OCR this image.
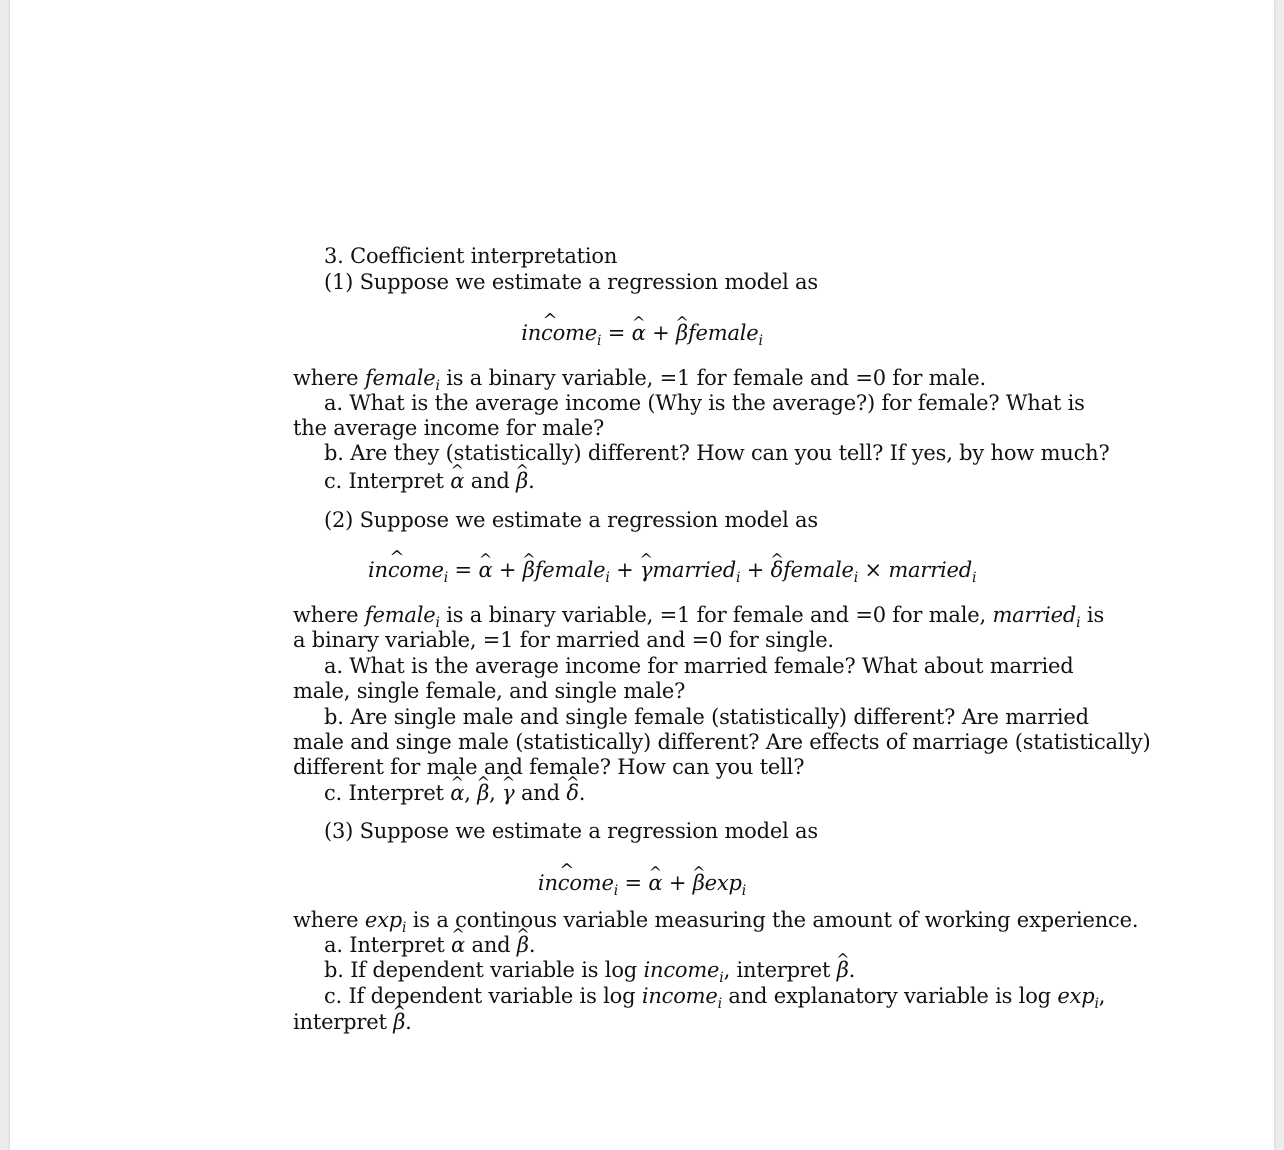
3. Coefficient interpretation
(1) Suppose we estimate a regression model as
income $\^{}_i = \alpha$ ^ + β ^female$_i$
where female$_i$ is a binary variable, =1 for female and =0 for male.
a. What is the average income (Why is the average?) for female? What is
the average income for male?
b. Are they (statistically) different? How can you tell? If yes, by how much?
c. Interpret α ^ and β ^.
(2) Suppose we estimate a regression model as
income $\^{}_i = \alpha$ ^ + β ^female$_i$ + γ ^married$_i$ + δ ^female$_i$ × married$_i$
where female$_i$ is a binary variable, =1 for female and =0 for male, married$_i$ is
a binary variable, =1 for married and =0 for single.
a. What is the average income for married female? What about married
male, single female, and single male?
b. Are single male and single female (statistically) different? Are married
male and singe male (statistically) different? Are effects of marriage (statistically)
different for male and female? How can you tell?
c. Interpret α ^, β ^, γ ^ and δ ^.
(3) Suppose we estimate a regression model as
income $\^{}_i = \alpha$ ^ + β $\^{}\exp_i$
where $\exp_i$ is a continous variable measuring the amount of working experience.
a. Interpret α ^ and β ^.
b. If dependent variable is log income$_i$, interpret β ^.
c. If dependent variable is log income$_i$ and explanatory variable is $\log \exp_i$,
interpret β ^.
